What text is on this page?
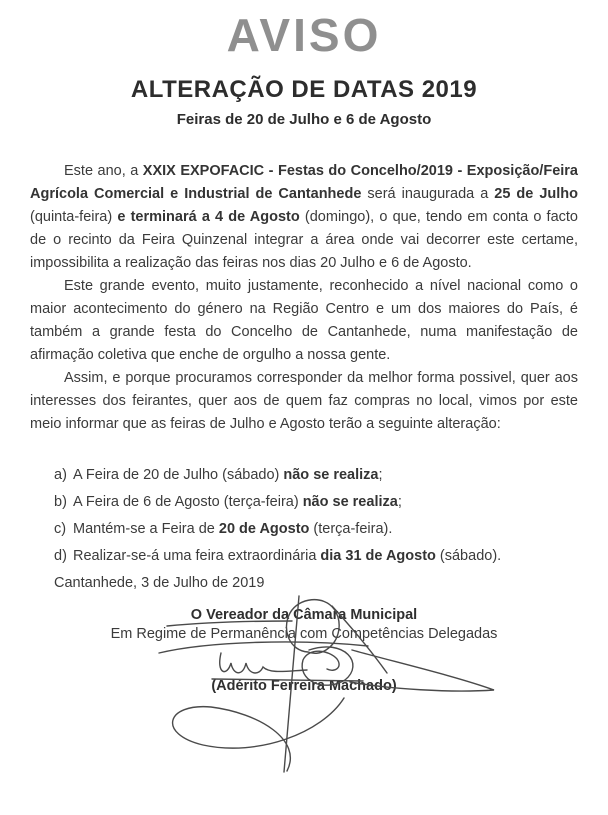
AVISO
ALTERAÇÃO DE DATAS 2019
Feiras de 20 de Julho e 6 de Agosto

Este ano, a XXIX EXPOFACIC - Festas do Concelho/2019 - Exposição/Feira Agrícola Comercial e Industrial de Cantanhede será inaugurada a 25 de Julho (quinta-feira) e terminará a 4 de Agosto (domingo), o que, tendo em conta o facto de o recinto da Feira Quinzenal integrar a área onde vai decorrer este certame, impossibilita a realização das feiras nos dias 20 Julho e 6 de Agosto.

Este grande evento, muito justamente, reconhecido a nível nacional como o maior acontecimento do género na Região Centro e um dos maiores do País, é também a grande festa do Concelho de Cantanhede, numa manifestação de afirmação coletiva que enche de orgulho a nossa gente.

Assim, e porque procuramos corresponder da melhor forma possivel, quer aos interesses dos feirantes, quer aos de quem faz compras no local, vimos por este meio informar que as feiras de Julho e Agosto terão a seguinte alteração:

a) A Feira de 20 de Julho (sábado) não se realiza;
b) A Feira de 6 de Agosto (terça-feira) não se realiza;
c) Mantém-se a Feira de 20 de Agosto (terça-feira).
d) Realizar-se-á uma feira extraordinária dia 31 de Agosto (sábado).
Cantanhede, 3 de Julho de 2019
O Vereador da Câmara Municipal
Em Regime de Permanência com Competências Delegadas
(Adérito Ferreira Machado)
